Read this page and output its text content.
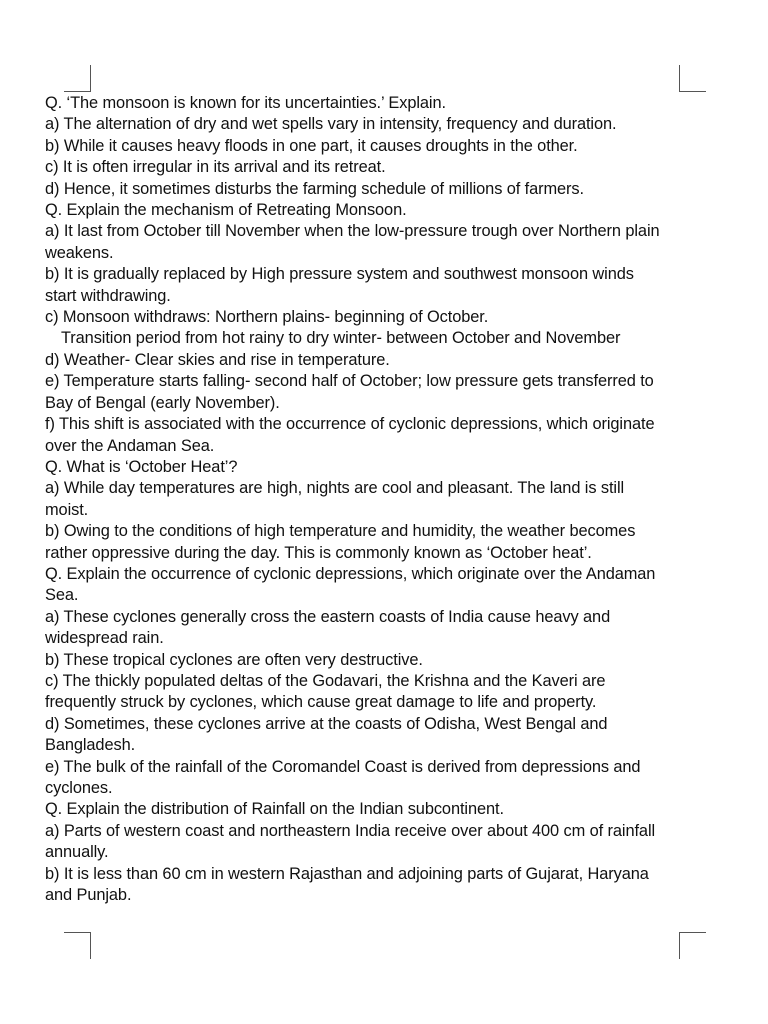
Q. ‘The monsoon is known for its uncertainties.’ Explain.

a) The alternation of dry and wet spells vary in intensity, frequency and duration.

b) While it causes heavy floods in one part, it causes droughts in the other.

c) It is often irregular in its arrival and its retreat.

d) Hence, it sometimes disturbs the farming schedule of millions of farmers.

Q. Explain the mechanism of Retreating Monsoon.

a) It last from October till November when the low-pressure trough over Northern plain weakens.

b) It is gradually replaced by High pressure system and southwest monsoon winds start withdrawing.

c) Monsoon withdraws: Northern plains- beginning of October.

Transition period from hot rainy to dry winter- between October and November

d) Weather- Clear skies and rise in temperature.

e) Temperature starts falling- second half of October; low pressure gets transferred to Bay of Bengal (early November).

f) This shift is associated with the occurrence of cyclonic depressions, which originate over the Andaman Sea.

Q. What is ‘October Heat’?

a) While day temperatures are high, nights are cool and pleasant. The land is still moist.

b) Owing to the conditions of high temperature and humidity, the weather becomes rather oppressive during the day. This is commonly known as ‘October heat’.

Q. Explain the occurrence of cyclonic depressions, which originate over the Andaman Sea.

a) These cyclones generally cross the eastern coasts of India cause heavy and widespread rain.

b) These tropical cyclones are often very destructive.

c) The thickly populated deltas of the Godavari, the Krishna and the Kaveri are frequently struck by cyclones, which cause great damage to life and property.

d) Sometimes, these cyclones arrive at the coasts of Odisha, West Bengal and Bangladesh.

e) The bulk of the rainfall of the Coromandel Coast is derived from depressions and cyclones.

Q. Explain the distribution of Rainfall on the Indian subcontinent.

a) Parts of western coast and northeastern India receive over about 400 cm of rainfall annually.

b) It is less than 60 cm in western Rajasthan and adjoining parts of Gujarat, Haryana and Punjab.
